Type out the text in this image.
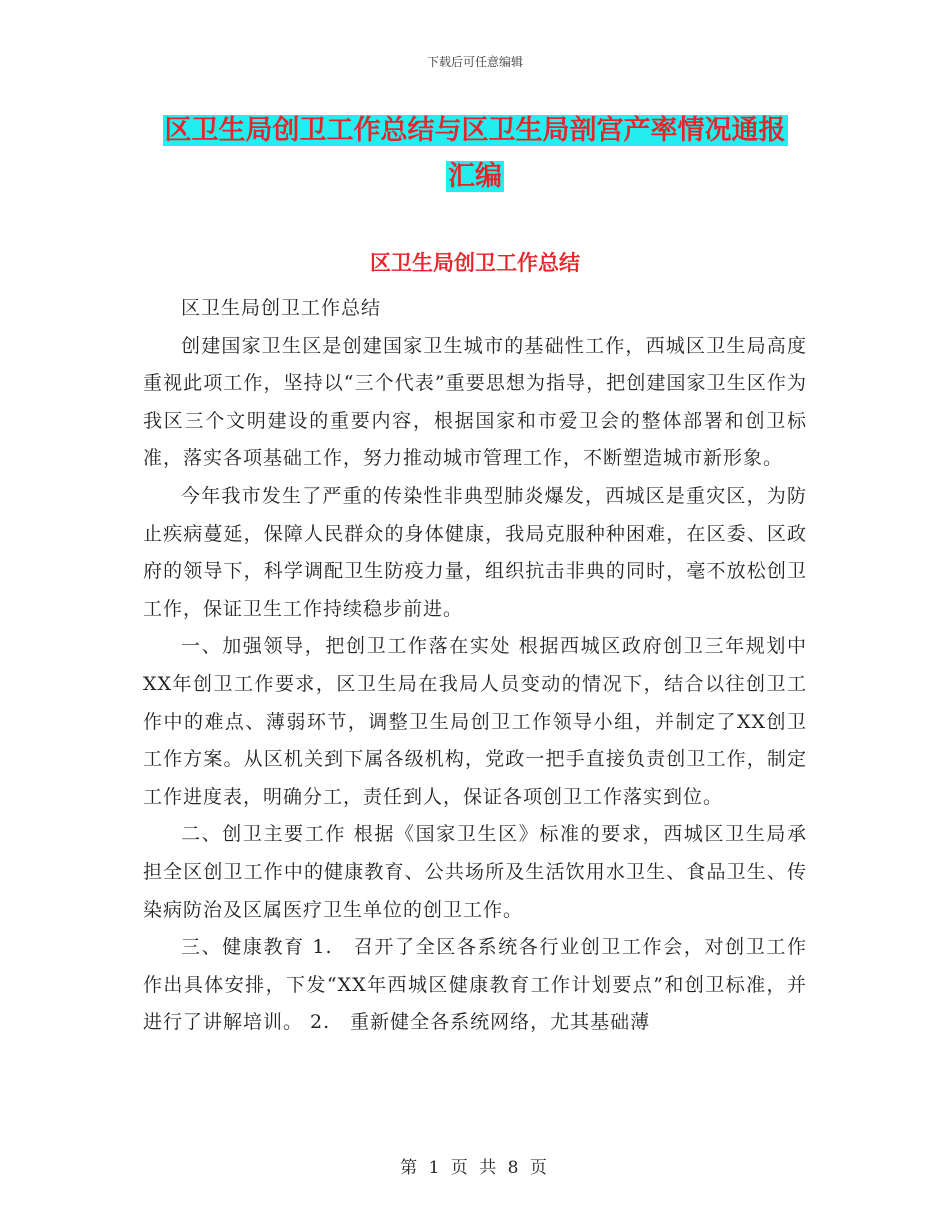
下载后可任意编辑
区卫生局创卫工作总结与区卫生局剖宫产率情况通报
汇编
区卫生局创卫工作总结

区卫生局创卫工作总结

创建国家卫生区是创建国家卫生城市的基础性工作，西城区卫生局高度重视此项工作，坚持以“三个代表”重要思想为指导，把创建国家卫生区作为我区三个文明建设的重要内容，根据国家和市爱卫会的整体部署和创卫标准，落实各项基础工作，努力推动城市管理工作，不断塑造城市新形象。

今年我市发生了严重的传染性非典型肺炎爆发，西城区是重灾区，为防止疾病蔓延，保障人民群众的身体健康，我局克服种种困难，在区委、区政府的领导下，科学调配卫生防疫力量，组织抗击非典的同时，毫不放松创卫工作，保证卫生工作持续稳步前进。

一、加强领导，把创卫工作落在实处 根据西城区政府创卫三年规划中XX年创卫工作要求，区卫生局在我局人员变动的情况下，结合以往创卫工作中的难点、薄弱环节，调整卫生局创卫工作领导小组，并制定了XX创卫工作方案。从区机关到下属各级机构，党政一把手直接负责创卫工作，制定工作进度表，明确分工，责任到人，保证各项创卫工作落实到位。

二、创卫主要工作 根据《国家卫生区》标准的要求，西城区卫生局承担全区创卫工作中的健康教育、公共场所及生活饮用水卫生、食品卫生、传染病防治及区属医疗卫生单位的创卫工作。

三、健康教育 1.　召开了全区各系统各行业创卫工作会，对创卫工作作出具体安排，下发“XX年西城区健康教育工作计划要点”和创卫标准，并进行了讲解培训。 2.　重新健全各系统网络，尤其基础薄

第 1 页 共 8 页
